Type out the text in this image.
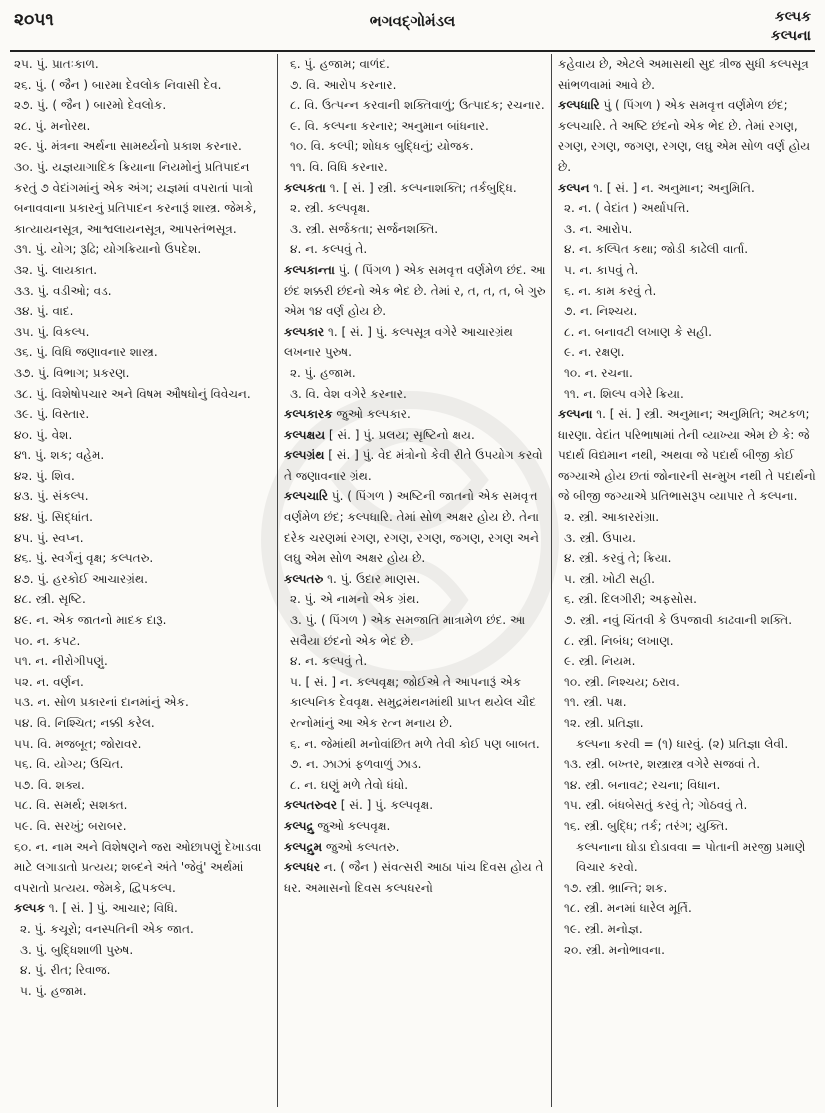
૨૦૫૧	ભગવદ્ગોમંડલ	કલ્પક
કલ્પના
૨૫. પું. પ્રાતઃકાળ.
૨૬. પું. ( જૈન ) બારમા દેવલોક નિવાસી દેવ.
૨૭. પું. ( જૈન ) બારમો દેવલોક.
૨૮. પું. મનોરથ.
૨૯. પું. મંત્રના અર્થના સામર્થ્યનો પ્રકાશ કરનાર.
૩૦. પું. યજ્ઞયાગાદિક ક્રિયાના નિયમોનું પ્રતિપાદન કરતું ૭ વેદાંગમાંનું એક અંગ; યજ્ઞમાં વપરાતાં પાત્રો બનાવવાના પ્રકારનું પ્રતિપાદન કરનારૂં શાસ્ત્ર. જેમકે, કાત્યાયનસૂત્ર, આશ્વલાયનસૂત્ર, આપસ્તંભસૂત્ર.
૩૧. પું. યોગ; રૂઢિ; યોગક્રિયાનો ઉપદેશ.
૩૨. પું. લાયકાત.
૩૩. પું. વડીઓ; વડ.
૩૪. પું. વાદ.
૩૫. પું. વિકલ્પ.
૩૬. પું. વિધિ જણાવનાર શાસ્ત્ર.
૩૭. પું. વિભાગ; પ્રકરણ.
૩૮. પું. વિશેષોપચાર અને વિષમ ઔષધોનું વિવેચન.
૩૯. પું. વિસ્તાર.
૪૦. પું. વેશ.
૪૧. પું. શક; વહેમ.
૪૨. પું. શિવ.
૪૩. પું. સંકલ્પ.
૪૪. પું. સિદ્ધાંત.
૪૫. પું. સ્વપ્ન.
૪૬. પું. સ્વર્ગનું વૃક્ષ; કલ્પતરુ.
૪૭. પું. હરકોઈ આચારગ્રંથ.
૪૮. સ્ત્રી. સૃષ્ટિ.
૪૯. ન. એક જાતનો માદક દારૂ.
૫૦. ન. કપટ.
૫૧. ન. નીરોગીપણું.
૫૨. ન. વર્ણન.
૫૩. ન. સોળ પ્રકારનાં દાનમાંનું એક.
૫૪. વિ. નિશ્ચિત; નક્કી કરેલ.
૫૫. વિ. મજબૂત; જોરાવર.
૫૬. વિ. યોગ્ય; ઉચિત.
૫૭. વિ. શક્ય.
૫૮. વિ. સમર્થ; સશક્ત.
૫૯. વિ. સરખું; બરાબર.
૬૦. ન. નામ અને વિશેષણને જરા ઓછાપણું દેખાડવા માટે લગાડાતો પ્રત્યય; શબ્દને અંતે 'જેવું' અર્થમાં વપરાતો પ્રત્યય. જેમકે, દ્વિપકલ્પ.
કલ્પક ૧. [ સં. ] પું. આચાર; વિધિ.
૨. પું. કચૂરો; વનસ્પતિની એક જાત.
૩. પું. બુદ્ધિશાળી પુરુષ.
૪. પું. રીત; રિવાજ.
૫. પું. હજામ.
૬. પું. હજામ; વાળંદ.
૭. વિ. આરોપ કરનાર.
૮. વિ. ઉત્પન્ન કરવાની શક્તિવાળું; ઉત્પાદક; રચનાર.
૯. વિ. કલ્પના કરનાર; અનુમાન બાંધનાર.
૧૦. વિ. કલ્પી; શોધક બુદ્ધિનું; યોજક.
૧૧. વિ. વિધિ કરનાર.
કલ્પકતા ૧. [ સં. ] સ્ત્રી. કલ્પનાશક્તિ; તર્કબુદ્ધિ.
૨. સ્ત્રી. કલ્પવૃક્ષ.
૩. સ્ત્રી. સર્જકતા; સર્જનશક્તિ.
૪. ન. કલ્પવું તે.
કલ્પકાન્તા પું. ( પિંગળ ) એક સમવૃત્ત વર્ણમેળ છંદ. આ છંદ શક્કરી છંદનો એક ભેદ છે. તેમાં ર, ત, ત, ત, બે ગુરુ એમ ૧૪ વર્ણ હોય છે.
કલ્પકાર ૧. [ સં. ] પું. કલ્પસૂત્ર વગેરે આચારગ્રંથ લખનાર પુરુષ.
૨. પું. હજામ.
૩. વિ. વેશ વગેરે કરનાર.
કલ્પકારક જુઓ કલ્પકાર.
કલ્પક્ષય [ સં. ] પું. પ્રલય; સૃષ્ટિનો ક્ષય.
કલ્પગ્રંથ [ સં. ] પું. વેદ મંત્રોનો કેવી રીતે ઉપયોગ કરવો તે જણાવનાર ગ્રંથ.
કલ્પચારિ પું. ( પિંગળ ) અષ્ટિની જાતનો એક સમવૃત્ત વર્ણમેળ છંદ; કલ્પધારિ. તેમાં સોળ અક્ષર હોય છે. તેના દરેક ચરણમાં રગણ, રગણ, રગણ, જગણ, રગણ અને લઘુ એમ સોળ અક્ષર હોય છે.
કલ્પતરુ ૧. પું. ઉદાર માણસ.
૨. પું. એ નામનો એક ગ્રંથ.
૩. પું. ( પિંગળ ) એક સમજાતિ માત્રામેળ છંદ. આ સવૈયા છંદનો એક ભેદ છે.
૪. ન. કલ્પવું તે.
૫. [ સં. ] ન. કલ્પવૃક્ષ; જોઈએ તે આપનારૂં એક કાલ્પનિક દેવવૃક્ષ. સમુદ્રમંથનમાંથી પ્રાપ્ત થયેલ ચૌદ રત્નોમાંનું આ એક રત્ન મનાય છે.
૬. ન. જેમાંથી મનોવાંછિત મળે તેવી કોઈ પણ બાબત.
૭. ન. ઝાઝાં ફળવાળું ઝાડ.
૮. ન. ઘણું મળે તેવો ધંધો.
કલ્પતરુવર [ સં. ] પું. કલ્પવૃક્ષ.
કલ્પદ્રુ જુઓ કલ્પવૃક્ષ.
કલ્પદ્રુમ જુઓ કલ્પતરુ.
કલ્પધર ન. ( જૈન ) સંવત્સરી આઠા પાંચ દિવસ હોય તે ધર. અમાસનો દિવસ કલ્પધરનો
કહેવાય છે, એટલે અમાસથી સુદ ત્રીજ સુધી કલ્પસૂત્ર સાંભળવામાં આવે છે.
કલ્પધારિ પું ( પિંગળ ) એક સમવૃત્ત વર્ણમેળ છંદ; કલ્પચારિ. તે અષ્ટિ છંદનો એક ભેદ છે. તેમાં રગણ, રગણ, રગણ, જગણ, રગણ, લઘુ એમ સોળ વર્ણ હોય છે.
કલ્પન ૧. [ સં. ] ન. અનુમાન; અનુમિતિ.
૨. ન. ( વેદાંત ) અર્થાપત્તિ.
૩. ન. આરોપ.
૪. ન. કલ્પિત કથા; જોડી કાઢેલી વાર્તા.
૫. ન. કાપવું તે.
૬. ન. કામ કરવું તે.
૭. ન. નિશ્ચય.
૮. ન. બનાવટી લખાણ કે સહી.
૯. ન. રક્ષણ.
૧૦. ન. રચના.
૧૧. ન. શિલ્પ વગેરે ક્રિયા.
કલ્પના ૧. [ સં. ] સ્ત્રી. અનુમાન; અનુમિતિ; અટકળ; ધારણા. વેદાંત પરિભાષામાં તેની વ્યાખ્યા એમ છે કે: જે પદાર્થ વિદ્યમાન નથી, અથવા જે પદાર્થ બીજી કોઈ જગ્યાએ હોય છતાં જોનારની સન્મુખ નથી તે પદાર્થનો જે બીજી જગ્યાએ પ્રતિભાસરૂપ વ્યાપાર તે કલ્પના.
૨. સ્ત્રી. આકારરાંગ્રા.
૩. સ્ત્રી. ઉપાય.
૪. સ્ત્રી. કરવું તે; ક્રિયા.
૫. સ્ત્રી. ખોટી સહી.
૬. સ્ત્રી. દિલગીરી; અફસોસ.
૭. સ્ત્રી. નવું ચિંતવી કે ઉપજાવી કાઢવાની શક્તિ.
૮. સ્ત્રી. નિબંધ; લખાણ.
૯. સ્ત્રી. નિયમ.
૧૦. સ્ત્રી. નિશ્ચય; ઠરાવ.
૧૧. સ્ત્રી. પક્ષ.
૧૨. સ્ત્રી. પ્રતિજ્ઞા.
કલ્પના કરવી = (૧) ધારવું. (૨) પ્રતિજ્ઞા લેવી.
૧૩. સ્ત્રી. બખ્તર, શસ્ત્રાસ્ત્ર વગેરે સજવાં તે.
૧૪. સ્ત્રી. બનાવટ; રચના; વિધાન.
૧૫. સ્ત્રી. બંધબેસતું કરવું તે; ગોઠવવું તે.
૧૬. સ્ત્રી. બુદ્ધિ; તર્ક; તરંગ; યુક્તિ.
કલ્પનાના ઘોડા દોડાવવા = પોતાની મરજી પ્રમાણે વિચાર કરવો.
૧૭. સ્ત્રી. ભ્રાન્તિ; શક.
૧૮. સ્ત્રી. મનમાં ધારેલ મૂર્તિ.
૧૯. સ્ત્રી. મનોજ્ઞ.
૨૦. સ્ત્રી. મનોભાવના.
